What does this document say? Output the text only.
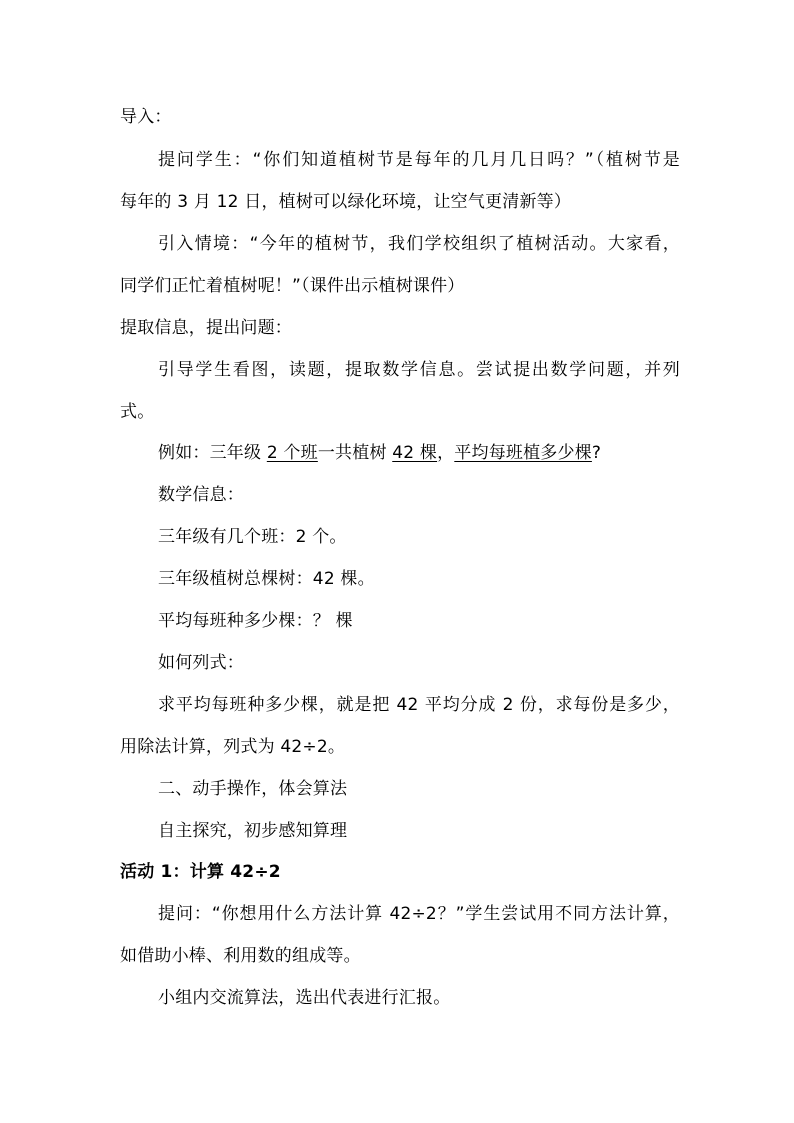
导入：
提问学生：“你们知道植树节是每年的几月几日吗？”（植树节是
每年的 3 月 12 日，植树可以绿化环境，让空气更清新等）
引入情境：“今年的植树节，我们学校组织了植树活动。大家看，
同学们正忙着植树呢！”（课件出示植树课件）
提取信息，提出问题：
引导学生看图，读题，提取数学信息。尝试提出数学问题，并列
式。
例如：三年级 2 个班一共植树 42 棵，平均每班植多少棵?
数学信息：
三年级有几个班：2 个。
三年级植树总棵树：42 棵。
平均每班种多少棵：？ 棵
如何列式：
求平均每班种多少棵，就是把 42 平均分成 2 份，求每份是多少，
用除法计算，列式为 42÷2。
二、动手操作，体会算法
自主探究，初步感知算理
活动 1：计算 42÷2
提问：“你想用什么方法计算 42÷2？”学生尝试用不同方法计算，
如借助小棒、利用数的组成等。
小组内交流算法，选出代表进行汇报。
